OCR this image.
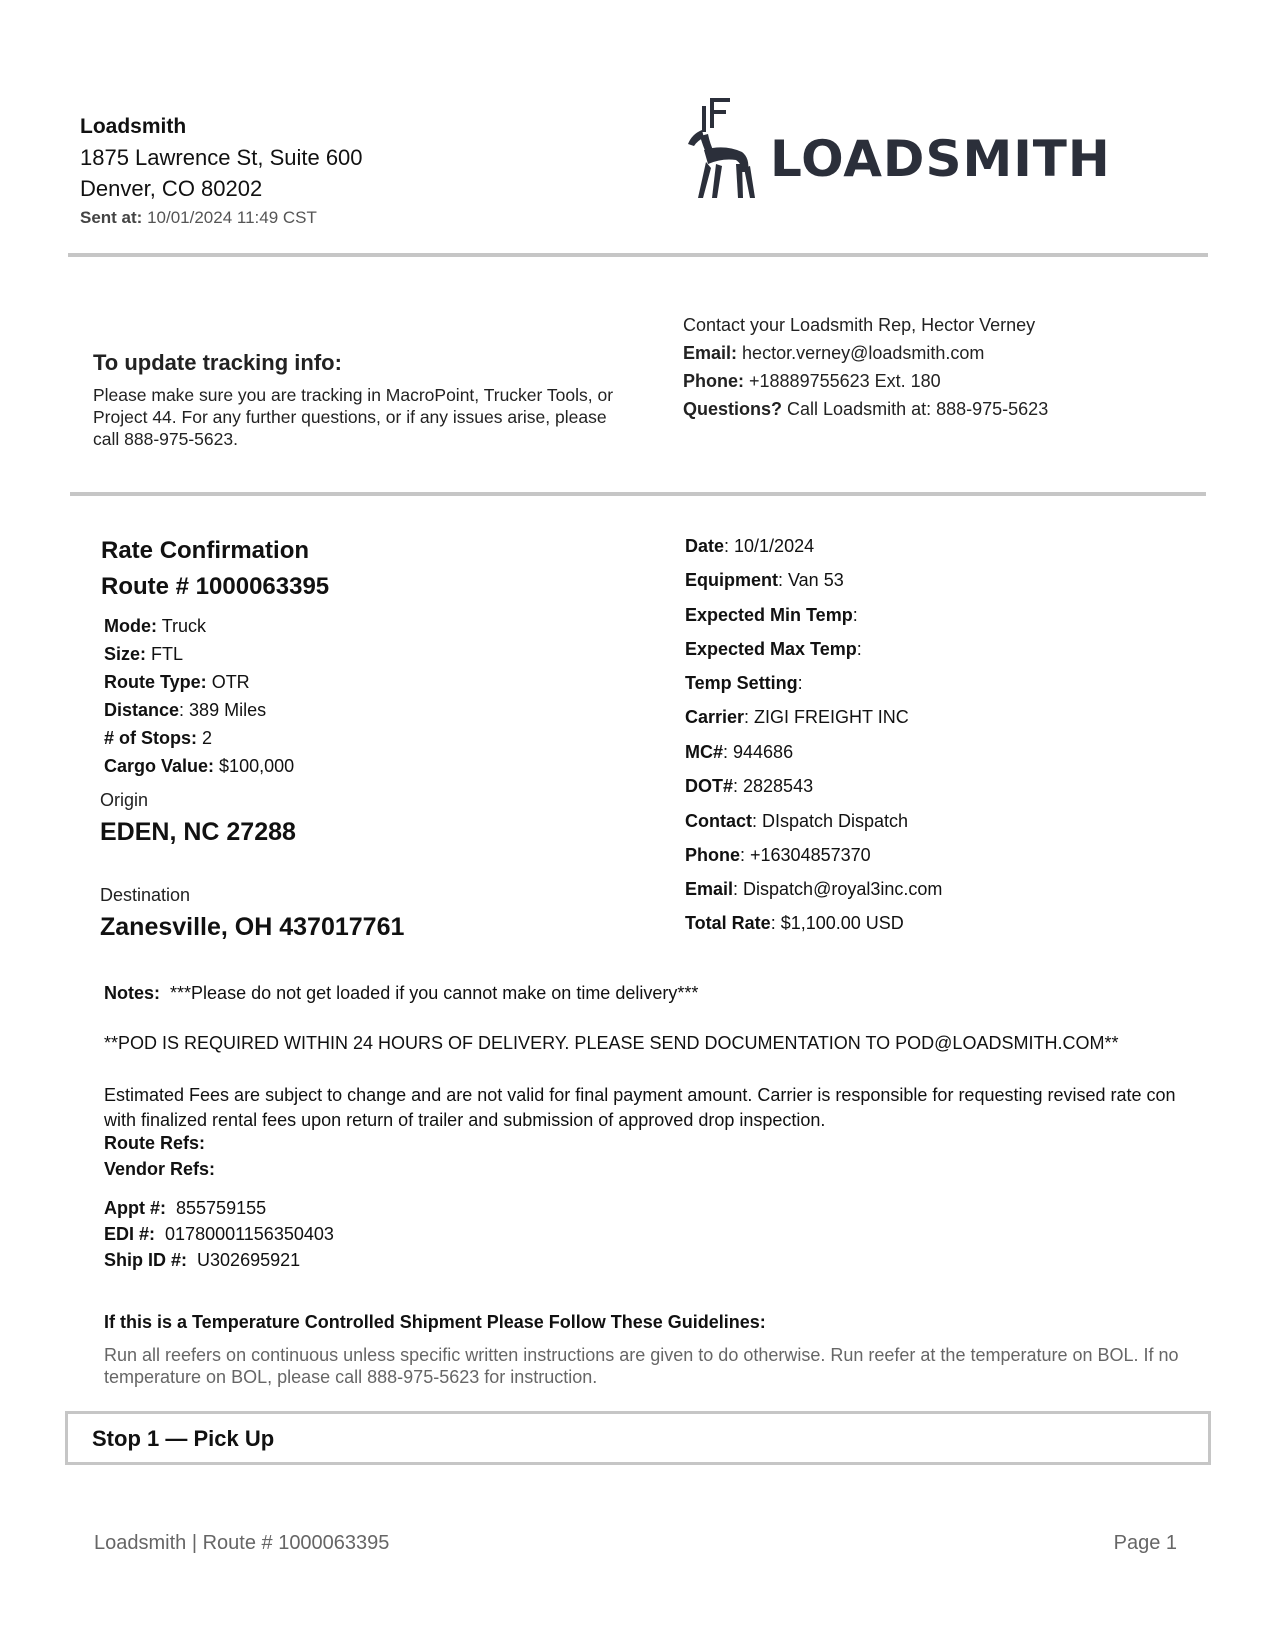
Loadsmith
1875 Lawrence St, Suite 600
Denver, CO 80202
Sent at: 10/01/2024 11:49 CST
LOADSMITH
To update tracking info:
Please make sure you are tracking in MacroPoint, Trucker Tools, or Project 44. For any further questions, or if any issues arise, please call 888-975-5623.
Contact your Loadsmith Rep, Hector Verney
Email: hector.verney@loadsmith.com
Phone: +18889755623 Ext. 180
Questions? Call Loadsmith at: 888-975-5623
Rate Confirmation
Route # 1000063395
Mode: Truck
Size: FTL
Route Type: OTR
Distance: 389 Miles
# of Stops: 2
Cargo Value: $100,000
Origin
EDEN, NC 27288
Destination
Zanesville, OH 437017761
Date: 10/1/2024
Equipment: Van 53
Expected Min Temp:
Expected Max Temp:
Temp Setting:
Carrier: ZIGI FREIGHT INC
MC#: 944686
DOT#: 2828543
Contact: DIspatch Dispatch
Phone: +16304857370
Email: Dispatch@royal3inc.com
Total Rate: $1,100.00 USD
Notes: ***Please do not get loaded if you cannot make on time delivery***
**POD IS REQUIRED WITHIN 24 HOURS OF DELIVERY. PLEASE SEND DOCUMENTATION TO POD@LOADSMITH.COM**
Estimated Fees are subject to change and are not valid for final payment amount. Carrier is responsible for requesting revised rate con with finalized rental fees upon return of trailer and submission of approved drop inspection.
Route Refs:
Vendor Refs:
Appt #: 855759155
EDI #: 01780001156350403
Ship ID #: U302695921
If this is a Temperature Controlled Shipment Please Follow These Guidelines:
Run all reefers on continuous unless specific written instructions are given to do otherwise. Run reefer at the temperature on BOL. If no temperature on BOL, please call 888-975-5623 for instruction.
Stop 1 — Pick Up
Loadsmith | Route # 1000063395	Page 1
